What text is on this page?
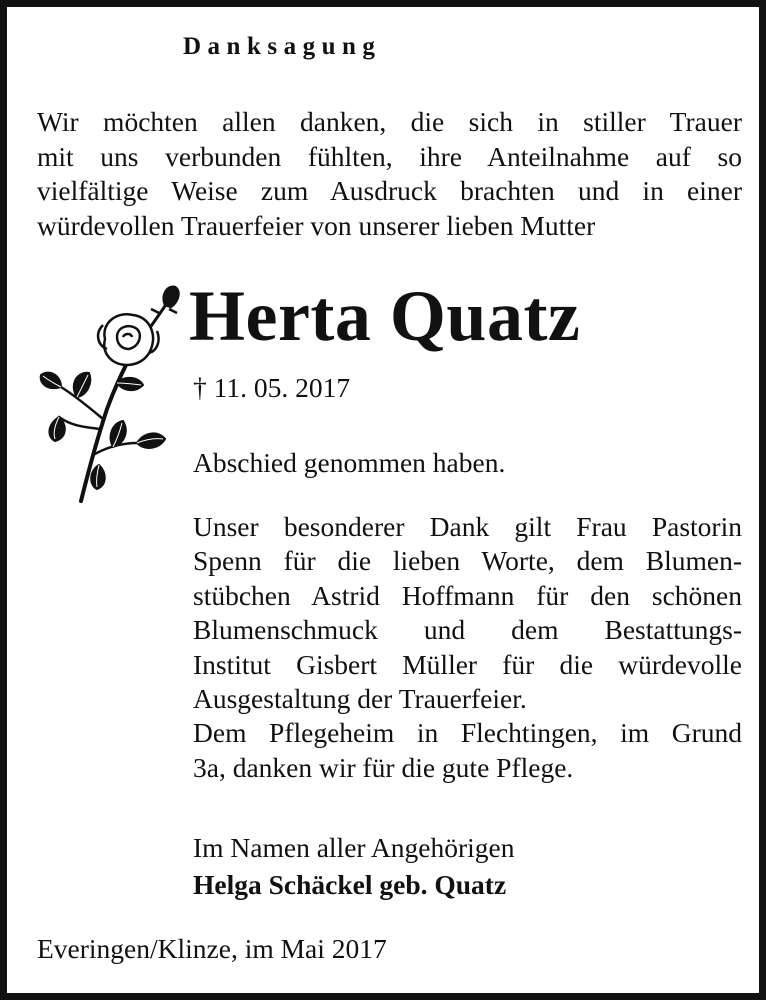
Danksagung
Wir möchten allen danken, die sich in stiller Trauer
mit uns verbunden fühlten, ihre Anteilnahme auf so
vielfältige Weise zum Ausdruck brachten und in einer
würdevollen Trauerfeier von unserer lieben Mutter
Herta Quatz
† 11. 05. 2017
Abschied genommen haben.
Unser besonderer Dank gilt Frau Pastorin
Spenn für die lieben Worte, dem Blumen-
stübchen Astrid Hoffmann für den schönen
Blumenschmuck und dem Bestattungs-
Institut Gisbert Müller für die würdevolle
Ausgestaltung der Trauerfeier.
Dem Pflegeheim in Flechtingen, im Grund
3a, danken wir für die gute Pflege.
Im Namen aller Angehörigen
Helga Schäckel geb. Quatz
Everingen/Klinze, im Mai 2017
